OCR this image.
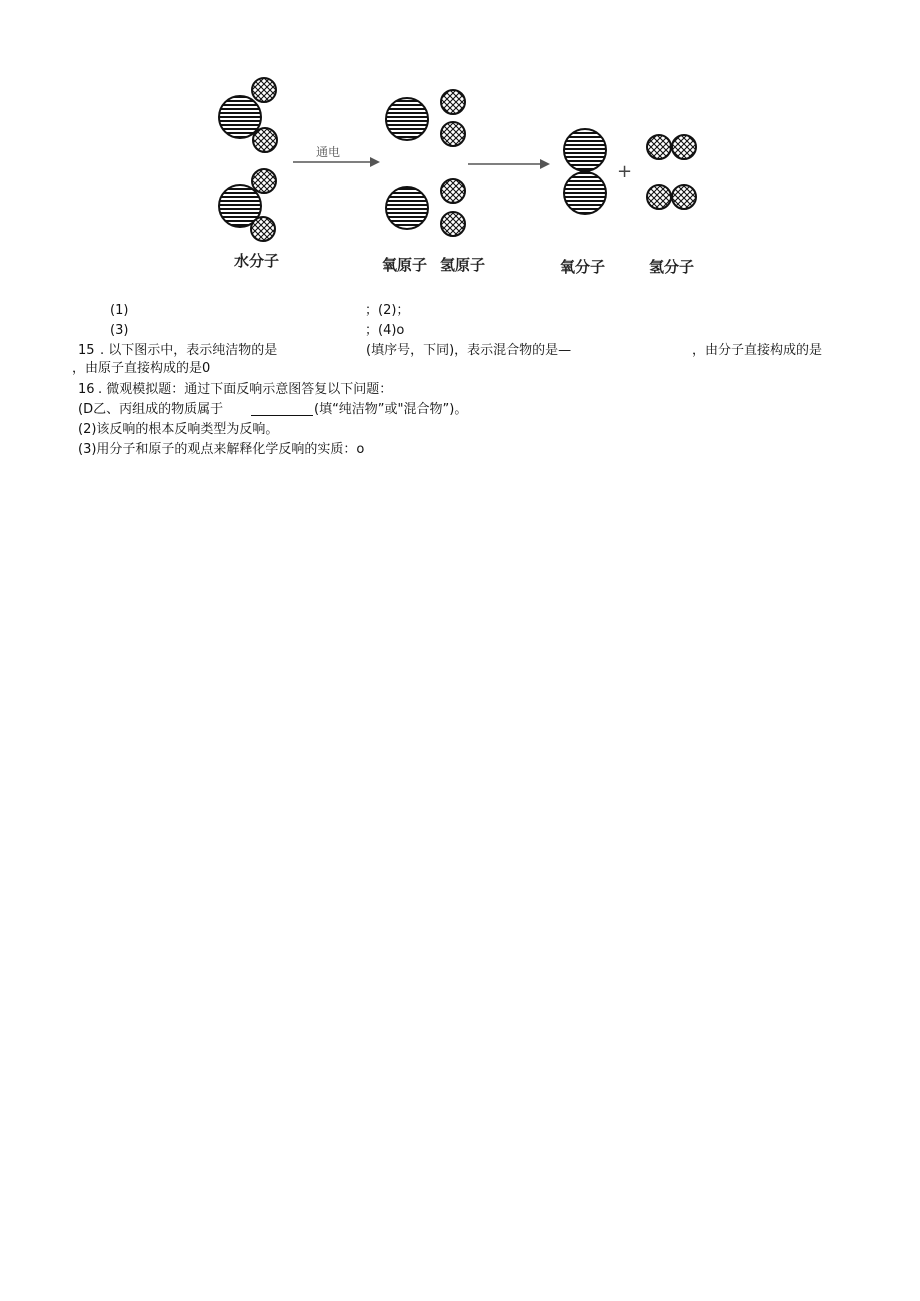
通电
+
水分子	氧原子 氢原子	氧分子	氢分子
(1)	；(2)；
(3)	；(4)o
15 . 以下图示中，表示纯洁物的是	(填序号，下同)，表示混合物的是—	，由分子直接构成的是
，由原子直接构成的是0
16 . 微观模拟题：通过下面反响示意图答复以下问题：
(D乙、丙组成的物质属于	(填“纯洁物”或"混合物”)。
(2)该反响的根本反响类型为反响。
(3)用分子和原子的观点来解释化学反响的实质：o
